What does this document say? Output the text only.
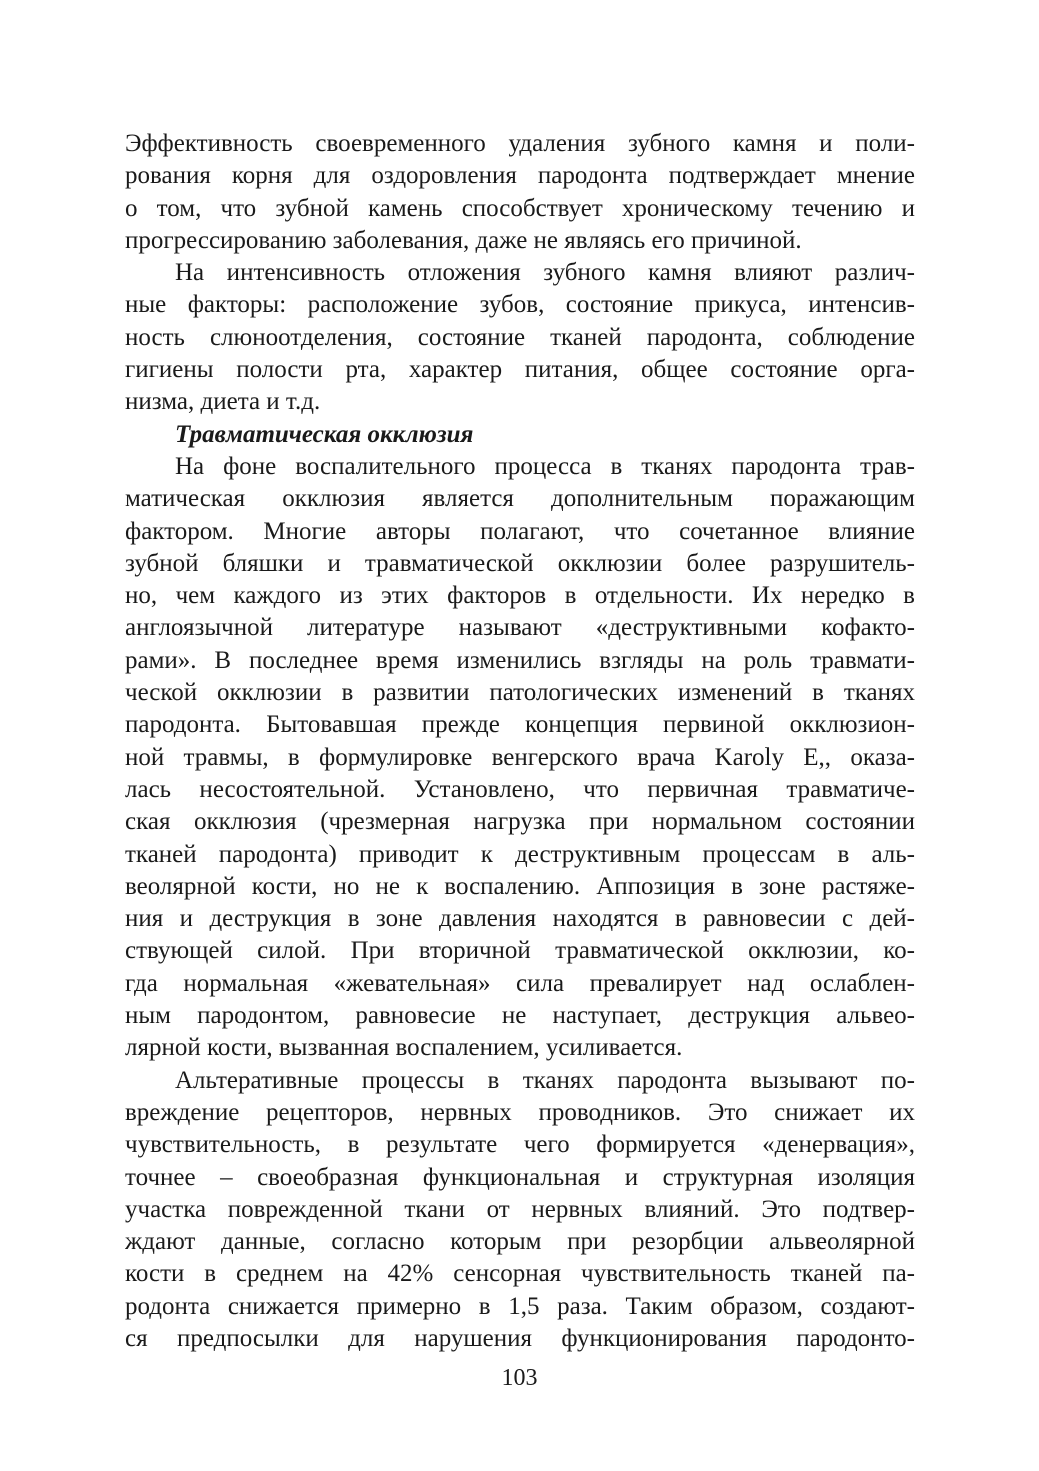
Эффективность своевременного удаления зубного камня и поли-
рования корня для оздоровления пародонта подтверждает мнение
о том, что зубной камень способствует хроническому течению и
прогрессированию заболевания, даже не являясь его причиной.
На интенсивность отложения зубного камня влияют различ-
ные факторы: расположение зубов, состояние прикуса, интенсив-
ность слюноотделения, состояние тканей пародонта, соблюдение
гигиены полости рта, характер питания, общее состояние орга-
низма, диета и т.д.
Травматическая окклюзия
На фоне воспалительного процесса в тканях пародонта трав-
матическая окклюзия является дополнительным поражающим
фактором. Многие авторы полагают, что сочетанное влияние
зубной бляшки и травматической окклюзии более разрушитель-
но, чем каждого из этих факторов в отдельности. Их нередко в
англоязычной литературе называют «деструктивными кофакто-
рами». В последнее время изменились взгляды на роль травмати-
ческой окклюзии в развитии патологических изменений в тканях
пародонта. Бытовавшая прежде концепция первиной окклюзион-
ной травмы, в формулировке венгерского врача Karoly E,, оказа-
лась несостоятельной. Установлено, что первичная травматиче-
ская окклюзия (чрезмерная нагрузка при нормальном состоянии
тканей пародонта) приводит к деструктивным процессам в аль-
веолярной кости, но не к воспалению. Аппозиция в зоне растяже-
ния и деструкция в зоне давления находятся в равновесии с дей-
ствующей силой. При вторичной травматической окклюзии, ко-
гда нормальная «жевательная» сила превалирует над ослаблен-
ным пародонтом, равновесие не наступает, деструкция альвео-
лярной кости, вызванная воспалением, усиливается.
Альтеративные процессы в тканях пародонта вызывают по-
вреждение рецепторов, нервных проводников. Это снижает их
чувствительность, в результате чего формируется «денервация»,
точнее – своеобразная функциональная и структурная изоляция
участка поврежденной ткани от нервных влияний. Это подтвер-
ждают данные, согласно которым при резорбции альвеолярной
кости в среднем на 42% сенсорная чувствительность тканей па-
родонта снижается примерно в 1,5 раза. Таким образом, создают-
ся предпосылки для нарушения функционирования пародонто-
103
